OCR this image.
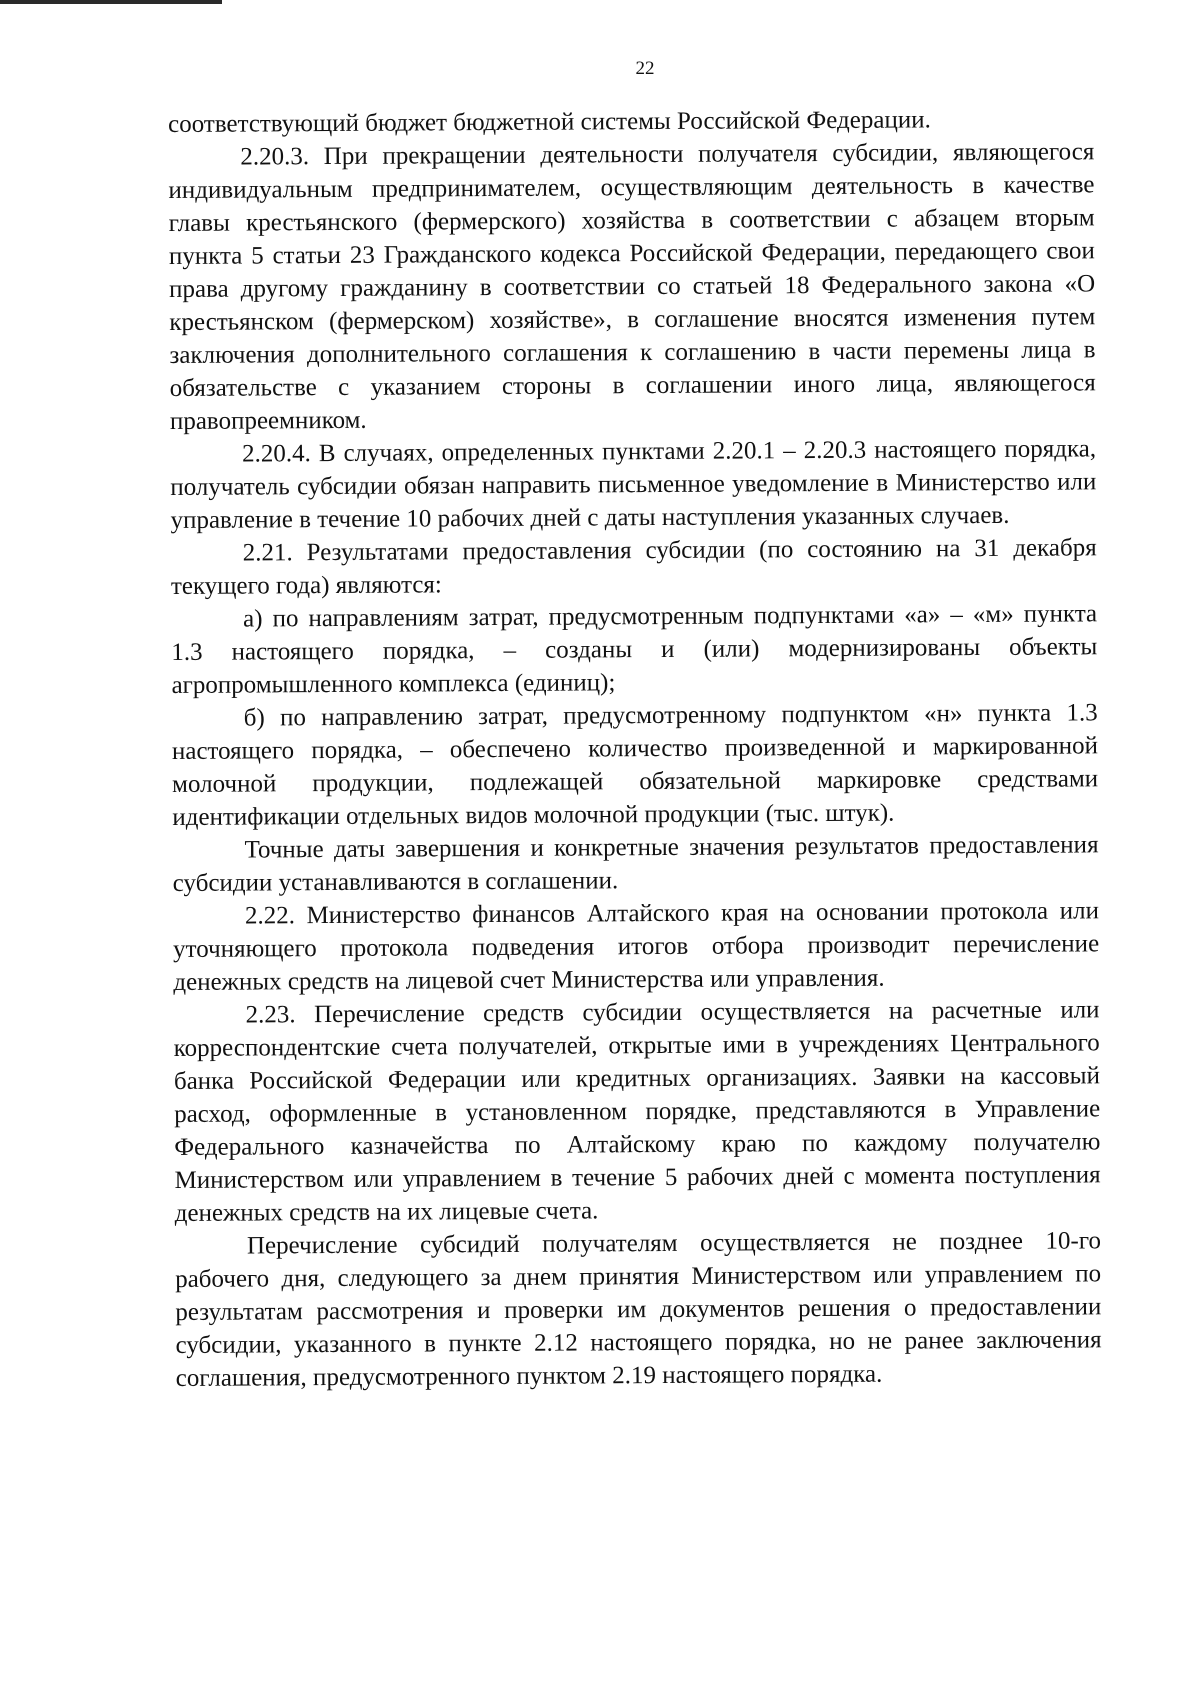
22

соответствующий бюджет бюджетной системы Российской Федерации.

2.20.3. При прекращении деятельности получателя субсидии, являющегося индивидуальным предпринимателем, осуществляющим деятельность в качестве главы крестьянского (фермерского) хозяйства в соответствии с абзацем вторым пункта 5 статьи 23 Гражданского кодекса Российской Федерации, передающего свои права другому гражданину в соответствии со статьей 18 Федерального закона «О крестьянском (фермерском) хозяйстве», в соглашение вносятся изменения путем заключения дополнительного соглашения к соглашению в части перемены лица в обязательстве с указанием стороны в соглашении иного лица, являющегося правопреемником.

2.20.4. В случаях, определенных пунктами 2.20.1 – 2.20.3 настоящего порядка, получатель субсидии обязан направить письменное уведомление в Министерство или управление в течение 10 рабочих дней с даты наступления указанных случаев.

2.21. Результатами предоставления субсидии (по состоянию на 31 декабря текущего года) являются:

а) по направлениям затрат, предусмотренным подпунктами «а» – «м» пункта 1.3 настоящего порядка, – созданы и (или) модернизированы объекты агропромышленного комплекса (единиц);

б) по направлению затрат, предусмотренному подпунктом «н» пункта 1.3 настоящего порядка, – обеспечено количество произведенной и маркированной молочной продукции, подлежащей обязательной маркировке средствами идентификации отдельных видов молочной продукции (тыс. штук).

Точные даты завершения и конкретные значения результатов предоставления субсидии устанавливаются в соглашении.

2.22. Министерство финансов Алтайского края на основании протокола или уточняющего протокола подведения итогов отбора производит перечисление денежных средств на лицевой счет Министерства или управления.

2.23. Перечисление средств субсидии осуществляется на расчетные или корреспондентские счета получателей, открытые ими в учреждениях Центрального банка Российской Федерации или кредитных организациях. Заявки на кассовый расход, оформленные в установленном порядке, представляются в Управление Федерального казначейства по Алтайскому краю по каждому получателю Министерством или управлением в течение 5 рабочих дней с момента поступления денежных средств на их лицевые счета.

Перечисление субсидий получателям осуществляется не позднее 10-го рабочего дня, следующего за днем принятия Министерством или управлением по результатам рассмотрения и проверки им документов решения о предоставлении субсидии, указанного в пункте 2.12 настоящего порядка, но не ранее заключения соглашения, предусмотренного пунктом 2.19 настоящего порядка.
